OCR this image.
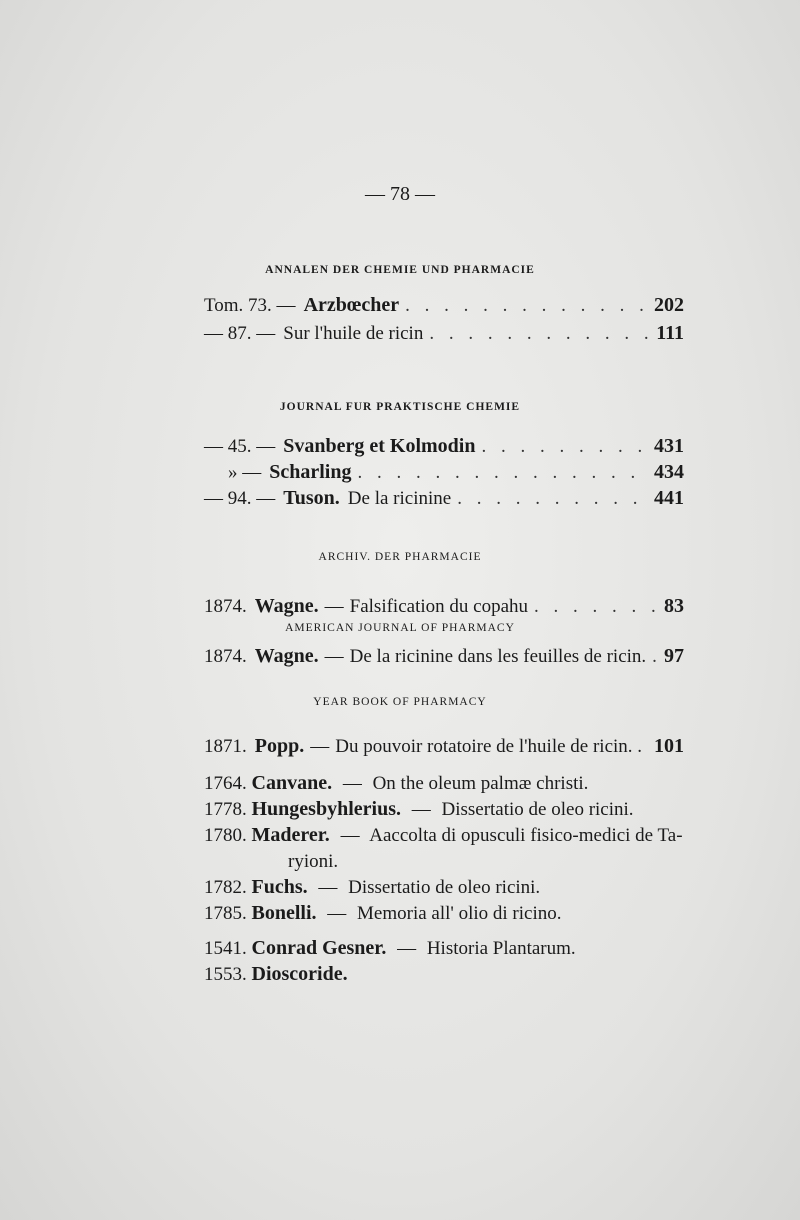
— 78 —
ANNALEN DER CHEMIE UND PHARMACIE
Tom. 73. — Arzbœcher . . .	202
— 87. — Sur l'huile de ricin . . .	111
JOURNAL FUR PRAKTISCHE CHEMIE
— 45. — Svanberg et Kolmodin . . .	431
» — Scharling . . .	434
— 94. — Tuson. De la ricinine . . .	441
ARCHIV. DER PHARMACIE
1874. Wagne. — Falsification du copahu . . .	83
AMERICAN JOURNAL OF PHARMACY
1874. Wagne. — De la ricinine dans les feuilles de ricin. . . . 97
YEAR BOOK OF PHARMACY
1871. Popp. — Du pouvoir rotatoire de l'huile de ricin. . 101
1764. Canvane. — On the oleum palmæ christi.
1778. Hungesbyhlerius. — Dissertatio de oleo ricini.
1780. Maderer. — Aaccolta di opusculi fisico-medici de Ta-
ryioni.
1782. Fuchs. — Dissertatio de oleo ricini.
1785. Bonelli. — Memoria all' olio di ricino.
1541. Conrad Gesner. — Historia Plantarum.
1553. Dioscoride.
